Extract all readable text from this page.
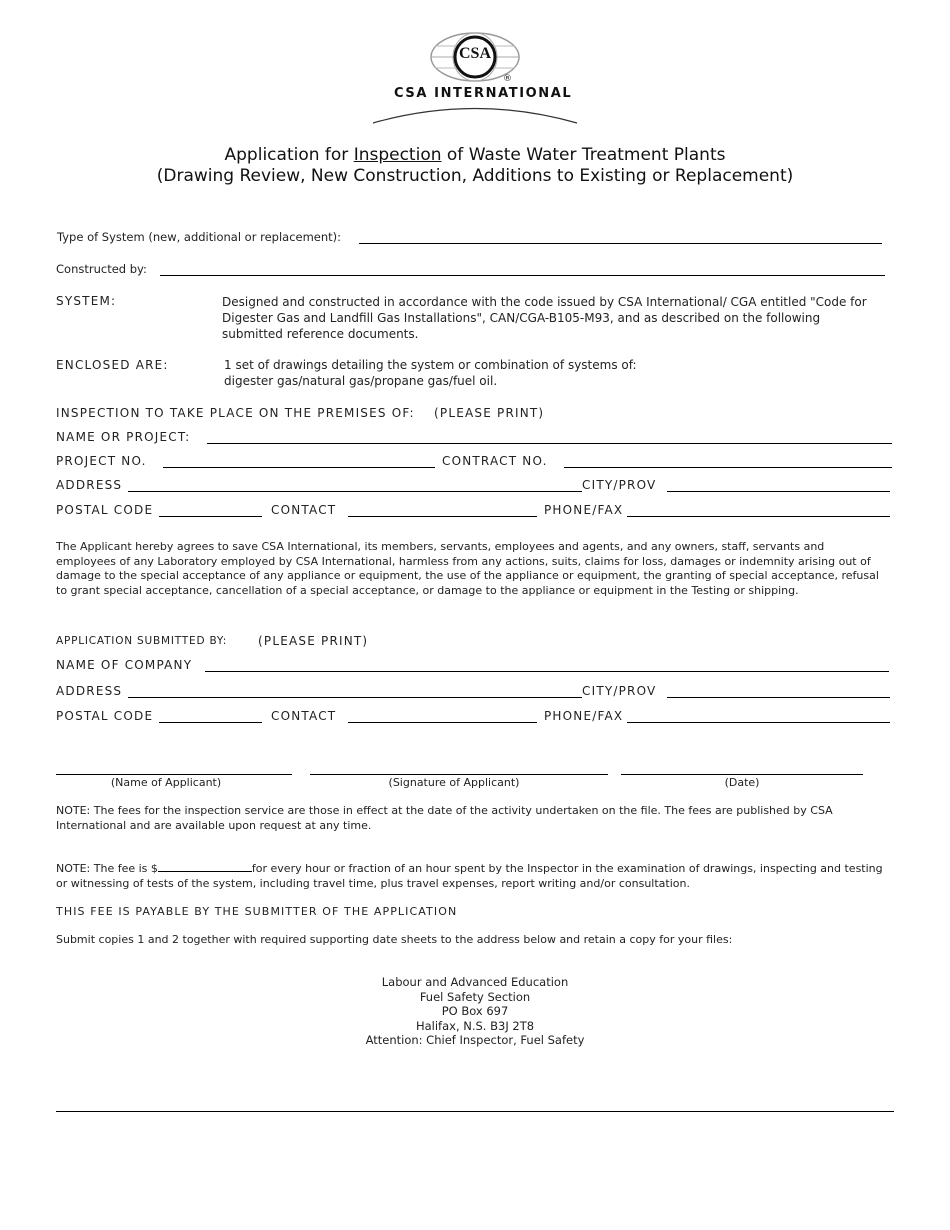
CSA
®
CSA INTERNATIONAL
Application for Inspection of Waste Water Treatment Plants
(Drawing Review, New Construction, Additions to Existing or Replacement)
Type of System (new, additional or replacement):
Constructed by:
SYSTEM:	Designed and constructed in accordance with the code issued by CSA International/ CGA entitled "Code for Digester Gas and Landfill Gas Installations", CAN/CGA-B105-M93, and as described on the following submitted reference documents.
ENCLOSED ARE:	1 set of drawings detailing the system or combination of systems of:
digester gas/natural gas/propane gas/fuel oil.
INSPECTION TO TAKE PLACE ON THE PREMISES OF: (PLEASE PRINT)
NAME OR PROJECT:
PROJECT NO.	CONTRACT NO.
ADDRESS	CITY/PROV
POSTAL CODE	CONTACT	PHONE/FAX
The Applicant hereby agrees to save CSA International, its members, servants, employees and agents, and any owners, staff, servants and employees of any Laboratory employed by CSA International, harmless from any actions, suits, claims for loss, damages or indemnity arising out of damage to the special acceptance of any appliance or equipment, the use of the appliance or equipment, the granting of special acceptance, refusal to grant special acceptance, cancellation of a special acceptance, or damage to the appliance or equipment in the Testing or shipping.
APPLICATION SUBMITTED BY:	(PLEASE PRINT)
NAME OF COMPANY
ADDRESS	CITY/PROV
POSTAL CODE	CONTACT	PHONE/FAX
(Name of Applicant)	(Signature of Applicant)	(Date)
NOTE: The fees for the inspection service are those in effect at the date of the activity undertaken on the file. The fees are published by CSA International and are available upon request at any time.
NOTE: The fee is $	for every hour or fraction of an hour spent by the Inspector in the examination of drawings, inspecting and testing or witnessing of tests of the system, including travel time, plus travel expenses, report writing and/or consultation.
THIS FEE IS PAYABLE BY THE SUBMITTER OF THE APPLICATION
Submit copies 1 and 2 together with required supporting date sheets to the address below and retain a copy for your files:
Labour and Advanced Education
Fuel Safety Section
PO Box 697
Halifax, N.S. B3J 2T8
Attention: Chief Inspector, Fuel Safety
